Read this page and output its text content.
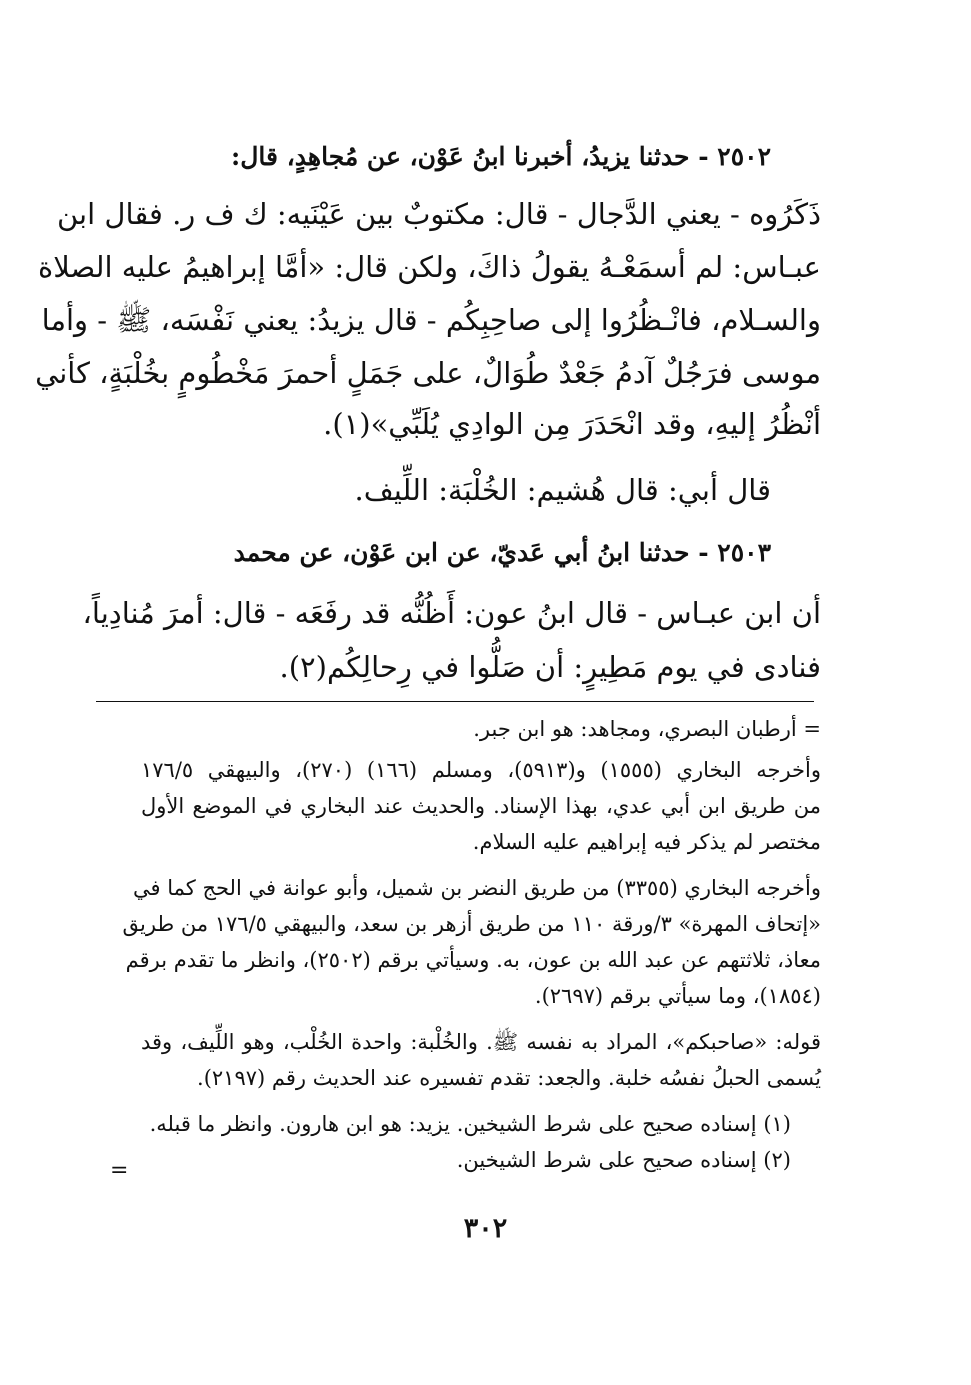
٢٥٠٢ - حدثنا يزيدُ، أخبرنا ابنُ عَوْن، عن مُجاهِدٍ، قال:
ذَكَرُوه - يعني الدَّجال - قال: مكتوبٌ بين عَيْنَيه: ك ف ر. فقال ابن
عبـاس: لم أسمَعْـهُ يقولُ ذاكَ، ولكن قال: «أمَّا إبراهيمُ عليه الصلاة
والسـلام، فانْـظُرُوا إلى صاحِبِكُم - قال يزيدُ: يعني نَفْسَه، ﷺ - وأما
موسى فرَجُلٌ آدمُ جَعْدٌ طُوَالٌ، على جَمَلٍ أحمرَ مَخْطُومٍ بخُلْبَةٍ، كأني
أنْظُرُ إليهِ، وقد انْحَدَرَ مِن الوادِي يُلَبِّي»(١).
قال أبي: قال هُشيم: الخُلْبَة: اللِّيف.
٢٥٠٣ - حدثنا ابنُ أبي عَديّ، عن ابن عَوْن، عن محمد
أن ابن عبـاس - قال ابنُ عون: أَظُنُّه قد رفَعَه - قال: أمرَ مُنادِياً،
فنادى في يوم مَطِيرٍ: أن صَلُّوا في رِحالِكُم(٢).
= أرطبان البصري، ومجاهد: هو ابن جبر.
وأخرجه البخاري (١٥٥٥) و(٥٩١٣)، ومسلم (١٦٦) (٢٧٠)، والبيهقي ١٧٦/٥
من طريق ابن أبي عدي، بهذا الإسناد. والحديث عند البخاري في الموضع الأول
مختصر لم يذكر فيه إبراهيم عليه السلام.
وأخرجه البخاري (٣٣٥٥) من طريق النضر بن شميل، وأبو عوانة في الحج كما في
«إتحاف المهرة» ٣/ورقة ١١٠ من طريق أزهر بن سعد، والبيهقي ١٧٦/٥ من طريق
معاذ، ثلاثتهم عن عبد الله بن عون، به. وسيأتي برقم (٢٥٠٢)، وانظر ما تقدم برقم
(١٨٥٤)، وما سيأتي برقم (٢٦٩٧).
قوله: «صاحبكم»، المراد به نفسه ﷺ. والخُلْبة: واحدة الخُلْب، وهو اللِّيف، وقد
يُسمى الحبلُ نفسُه خلبة. والجعد: تقدم تفسيره عند الحديث رقم (٢١٩٧).
(١) إسناده صحيح على شرط الشيخين. يزيد: هو ابن هارون. وانظر ما قبله.
(٢) إسناده صحيح على شرط الشيخين.
=
٣٠٢
